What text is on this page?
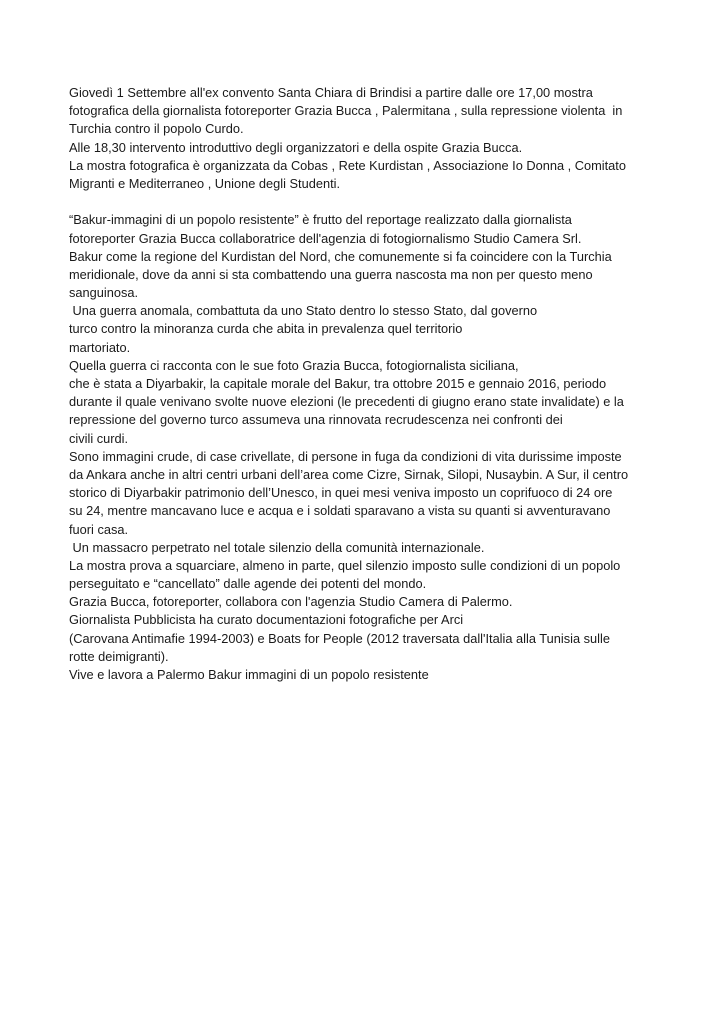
Giovedì 1 Settembre all'ex convento Santa Chiara di Brindisi a partire dalle ore 17,00 mostra
fotografica della giornalista fotoreporter Grazia Bucca , Palermitana , sulla repressione violenta  in
Turchia contro il popolo Curdo.
Alle 18,30 intervento introduttivo degli organizzatori e della ospite Grazia Bucca.
La mostra fotografica è organizzata da Cobas , Rete Kurdistan , Associazione Io Donna , Comitato
Migranti e Mediterraneo , Unione degli Studenti.
“Bakur-immagini di un popolo resistente” è frutto del reportage realizzato dalla giornalista
fotoreporter Grazia Bucca collaboratrice dell'agenzia di fotogiornalismo Studio Camera Srl.
Bakur come la regione del Kurdistan del Nord, che comunemente si fa coincidere con la Turchia
meridionale, dove da anni si sta combattendo una guerra nascosta ma non per questo meno
sanguinosa.
Una guerra anomala, combattuta da uno Stato dentro lo stesso Stato, dal governo
turco contro la minoranza curda che abita in prevalenza quel territorio
martoriato.
Quella guerra ci racconta con le sue foto Grazia Bucca, fotogiornalista siciliana,
che è stata a Diyarbakir, la capitale morale del Bakur, tra ottobre 2015 e gennaio 2016, periodo
durante il quale venivano svolte nuove elezioni (le precedenti di giugno erano state invalidate) e la
repressione del governo turco assumeva una rinnovata recrudescenza nei confronti dei
civili curdi.
Sono immagini crude, di case crivellate, di persone in fuga da condizioni di vita durissime imposte
da Ankara anche in altri centri urbani dell’area come Cizre, Sirnak, Silopi, Nusaybin. A Sur, il centro
storico di Diyarbakir patrimonio dell’Unesco, in quei mesi veniva imposto un coprifuoco di 24 ore
su 24, mentre mancavano luce e acqua e i soldati sparavano a vista su quanti si avventuravano
fuori casa.
Un massacro perpetrato nel totale silenzio della comunità internazionale.
La mostra prova a squarciare, almeno in parte, quel silenzio imposto sulle condizioni di un popolo
perseguitato e “cancellato” dalle agende dei potenti del mondo.
Grazia Bucca, fotoreporter, collabora con l'agenzia Studio Camera di Palermo.
Giornalista Pubblicista ha curato documentazioni fotografiche per Arci
(Carovana Antimafie 1994-2003) e Boats for People (2012 traversata dall'Italia alla Tunisia sulle
rotte deimigranti).
Vive e lavora a Palermo Bakur immagini di un popolo resistente
